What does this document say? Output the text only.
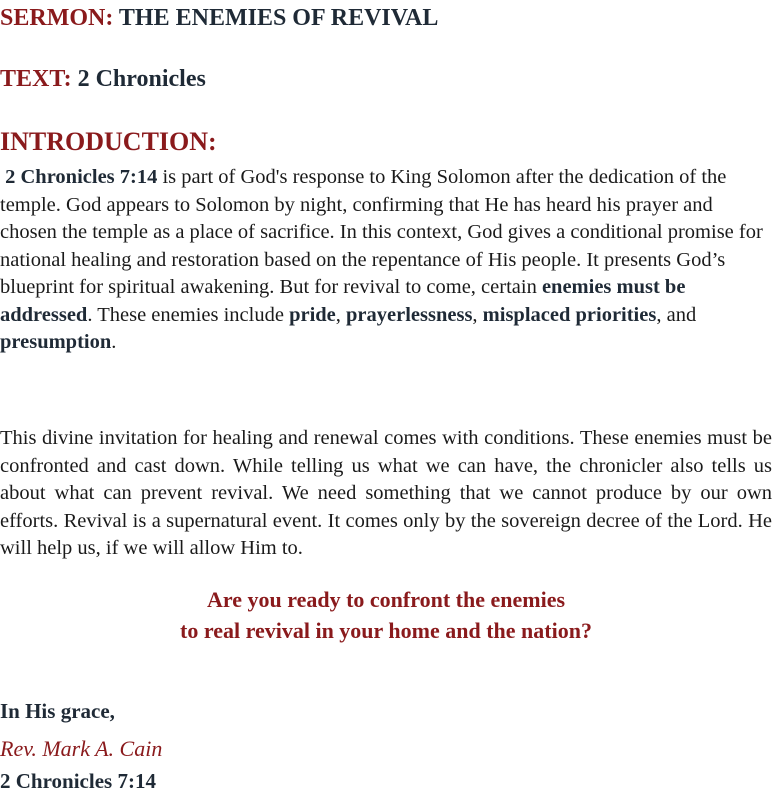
SERMON: THE ENEMIES OF REVIVAL
TEXT: 2 Chronicles
INTRODUCTION:

2 Chronicles 7:14 is part of God's response to King Solomon after the dedication of the temple. God appears to Solomon by night, confirming that He has heard his prayer and chosen the temple as a place of sacrifice. In this context, God gives a conditional promise for national healing and restoration based on the repentance of His people. It presents God’s blueprint for spiritual awakening. But for revival to come, certain enemies must be addressed. These enemies include pride, prayerlessness, misplaced priorities, and presumption.

This divine invitation for healing and renewal comes with conditions. These enemies must be confronted and cast down. While telling us what we can have, the chronicler also tells us about what can prevent revival. We need something that we cannot produce by our own efforts. Revival is a supernatural event. It comes only by the sovereign decree of the Lord. He will help us, if we will allow Him to.

Are you ready to confront the enemies
to real revival in your home and the nation?

In His grace,

Rev. Mark A. Cain

2 Chronicles 7:14
